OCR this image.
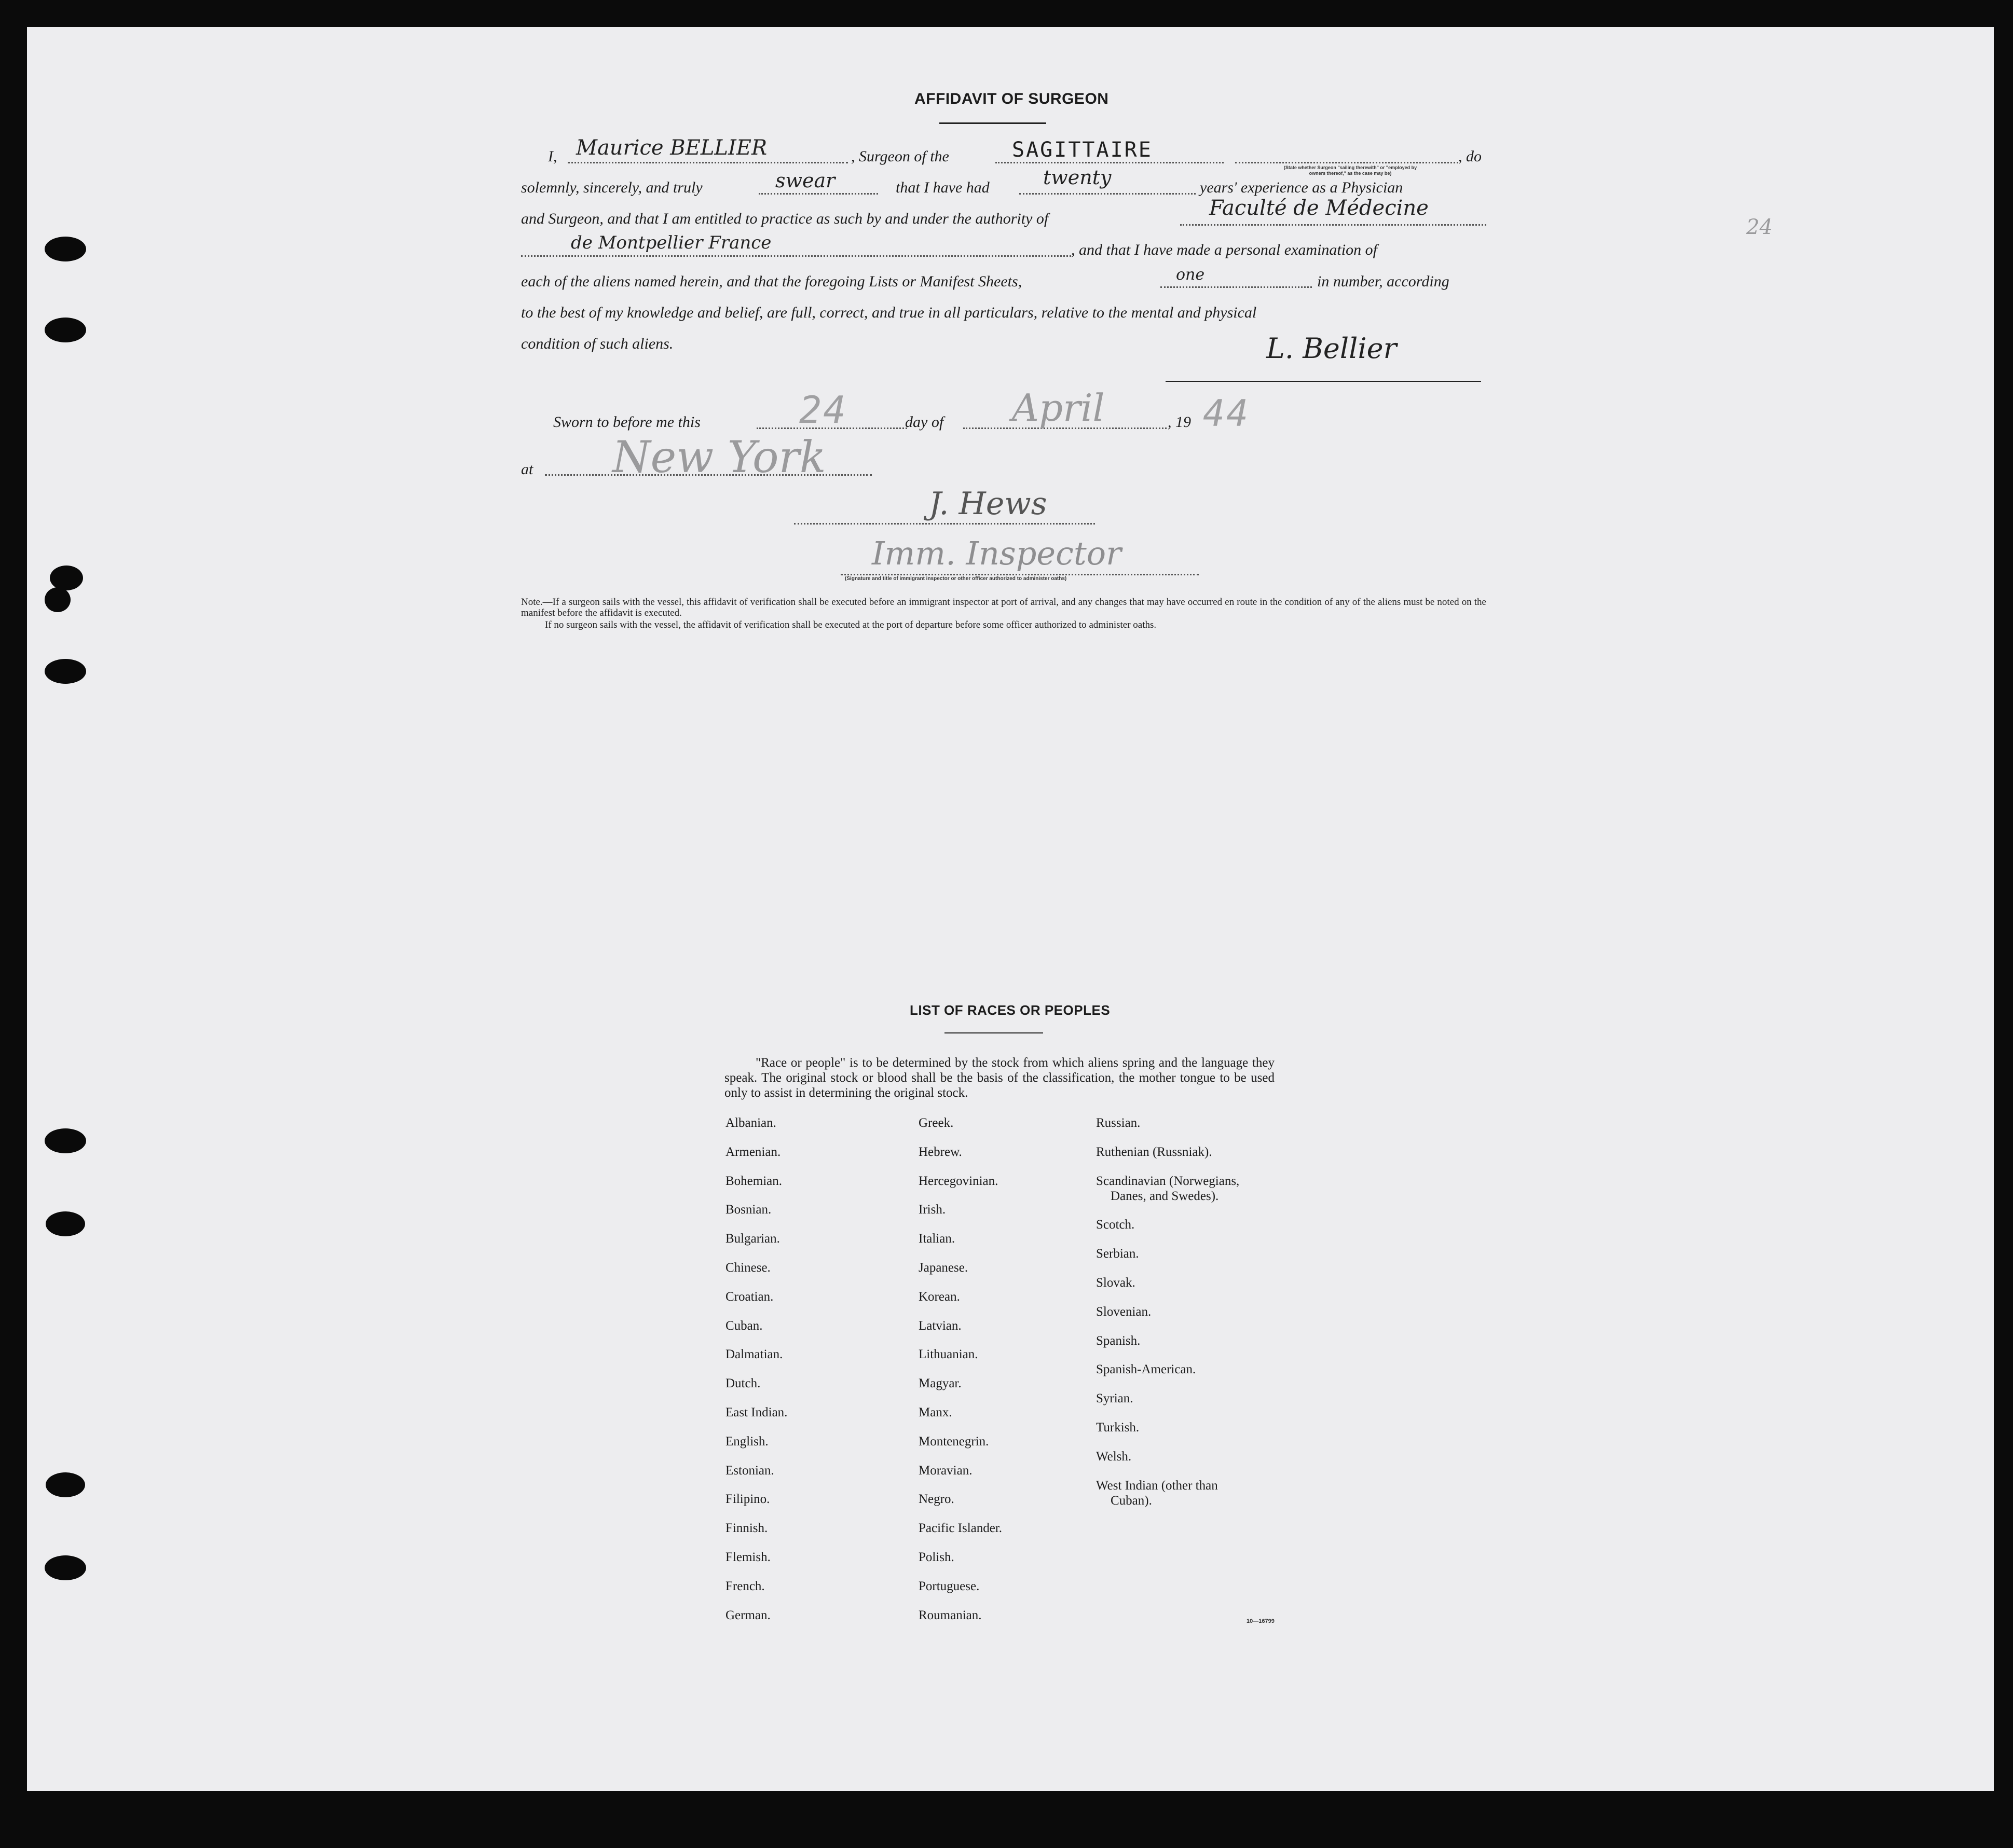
24
AFFIDAVIT OF SURGEON
I, Maurice BELLIER	, Surgeon of the	SAGITTAIRE	, do
(State whether Surgeon "sailing therewith" or "employed by
owners thereof," as the case may be)
solemnly, sincerely, and truly	swear	that I have had	twenty	years' experience as a Physician
and Surgeon, and that I am entitled to practice as such by and under the authority of	Faculté de Médecine
de Montpellier France	, and that I have made a personal examination of
each of the aliens named herein, and that the foregoing Lists or Manifest Sheets,	one	in number, according
to the best of my knowledge and belief, are full, correct, and true in all particulars, relative to the mental and physical
condition of such aliens.	L. Bellier
Sworn to before me this	24	day of April	, 19 44
at New York
J. Hews
Imm. Inspector
(Signature and title of immigrant inspector or other officer authorized to administer oaths)
Note.—If a surgeon sails with the vessel, this affidavit of verification shall be executed before an immigrant inspector at port of arrival, and any changes that may have occurred en route in the condition of any of the aliens must be noted on the manifest before the affidavit is executed.
If no surgeon sails with the vessel, the affidavit of verification shall be executed at the port of departure before some officer authorized to administer oaths.
LIST OF RACES OR PEOPLES
"Race or people" is to be determined by the stock from which aliens spring and the language they speak. The original stock or blood shall be the basis of the classification, the mother tongue to be used only to assist in determining the original stock.
Albanian.
Armenian.
Bohemian.
Bosnian.
Bulgarian.
Chinese.
Croatian.
Cuban.
Dalmatian.
Dutch.
East Indian.
English.
Estonian.
Filipino.
Finnish.
Flemish.
French.
German.
Greek.
Hebrew.
Hercegovinian.
Irish.
Italian.
Japanese.
Korean.
Latvian.
Lithuanian.
Magyar.
Manx.
Montenegrin.
Moravian.
Negro.
Pacific Islander.
Polish.
Portuguese.
Roumanian.
Russian.
Ruthenian (Russniak).
Scandinavian (Norwegians,
Danes, and Swedes).
Scotch.
Serbian.
Slovak.
Slovenian.
Spanish.
Spanish-American.
Syrian.
Turkish.
Welsh.
West Indian (other than
Cuban).
10—16799
